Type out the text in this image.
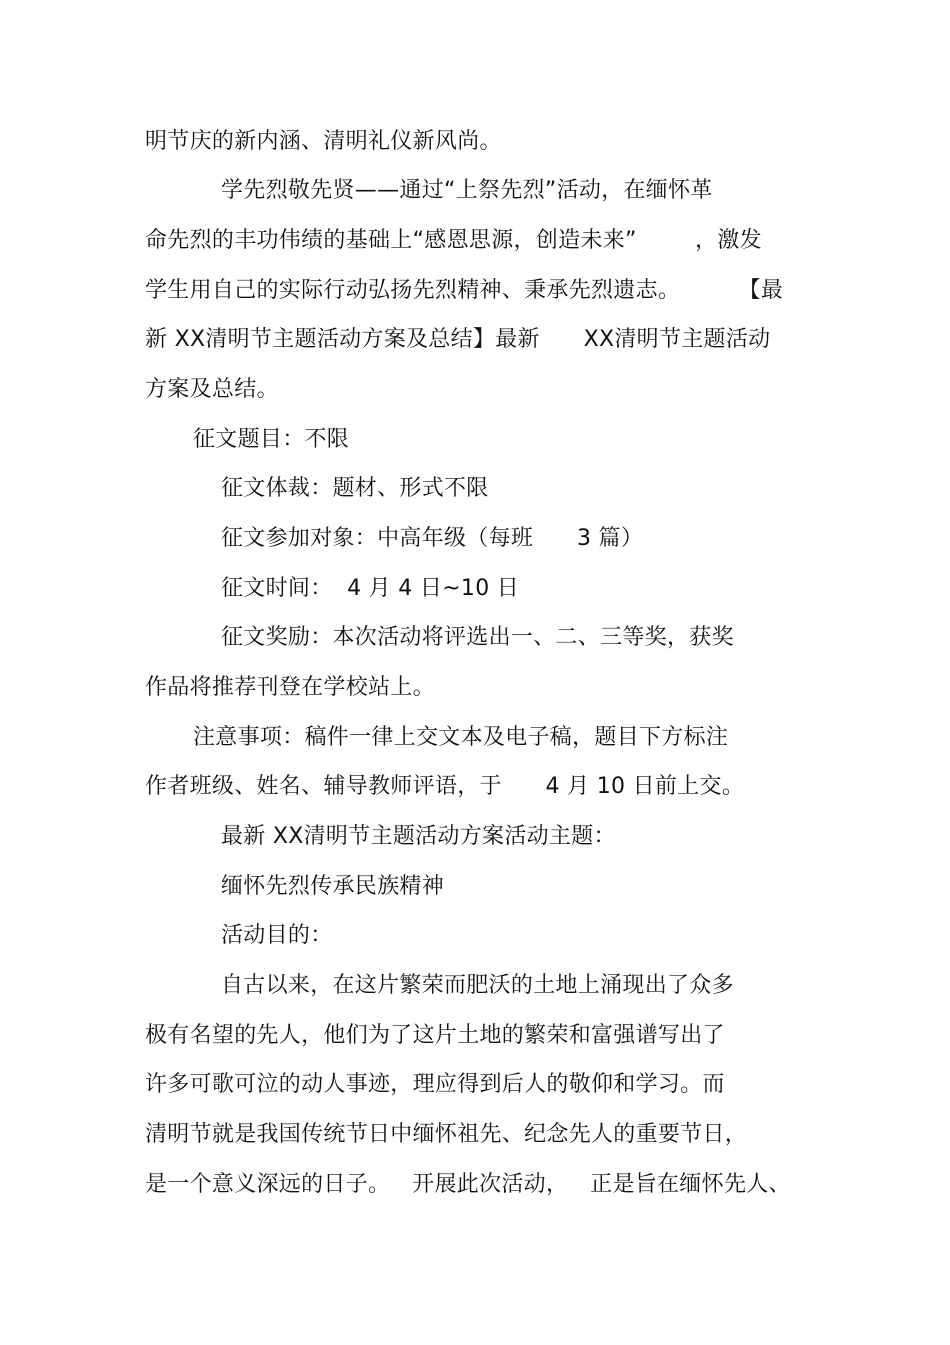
明节庆的新内涵、清明礼仪新风尚。
学先烈敬先贤——通过“上祭先烈”活动，在缅怀革
命先烈的丰功伟绩的基础上“感恩思源，创造未来”        ，激发
学生用自己的实际行动弘扬先烈精神、秉承先烈遗志。        【最
新 XX清明节主题活动方案及总结】最新      XX清明节主题活动
方案及总结。
征文题目：不限
征文体裁：题材、形式不限
征文参加对象：中高年级（每班      3 篇）
征文时间：  4 月 4 日~10 日
征文奖励：本次活动将评选出一、二、三等奖，获奖
作品将推荐刊登在学校站上。
注意事项：稿件一律上交文本及电子稿，题目下方标注
作者班级、姓名、辅导教师评语，于      4 月 10 日前上交。
最新 XX清明节主题活动方案活动主题：
缅怀先烈传承民族精神
活动目的：
自古以来，在这片繁荣而肥沃的土地上涌现出了众多
极有名望的先人，他们为了这片土地的繁荣和富强谱写出了
许多可歌可泣的动人事迹，理应得到后人的敬仰和学习。而
清明节就是我国传统节日中缅怀祖先、纪念先人的重要节日，
是一个意义深远的日子。   开展此次活动，   正是旨在缅怀先人、
